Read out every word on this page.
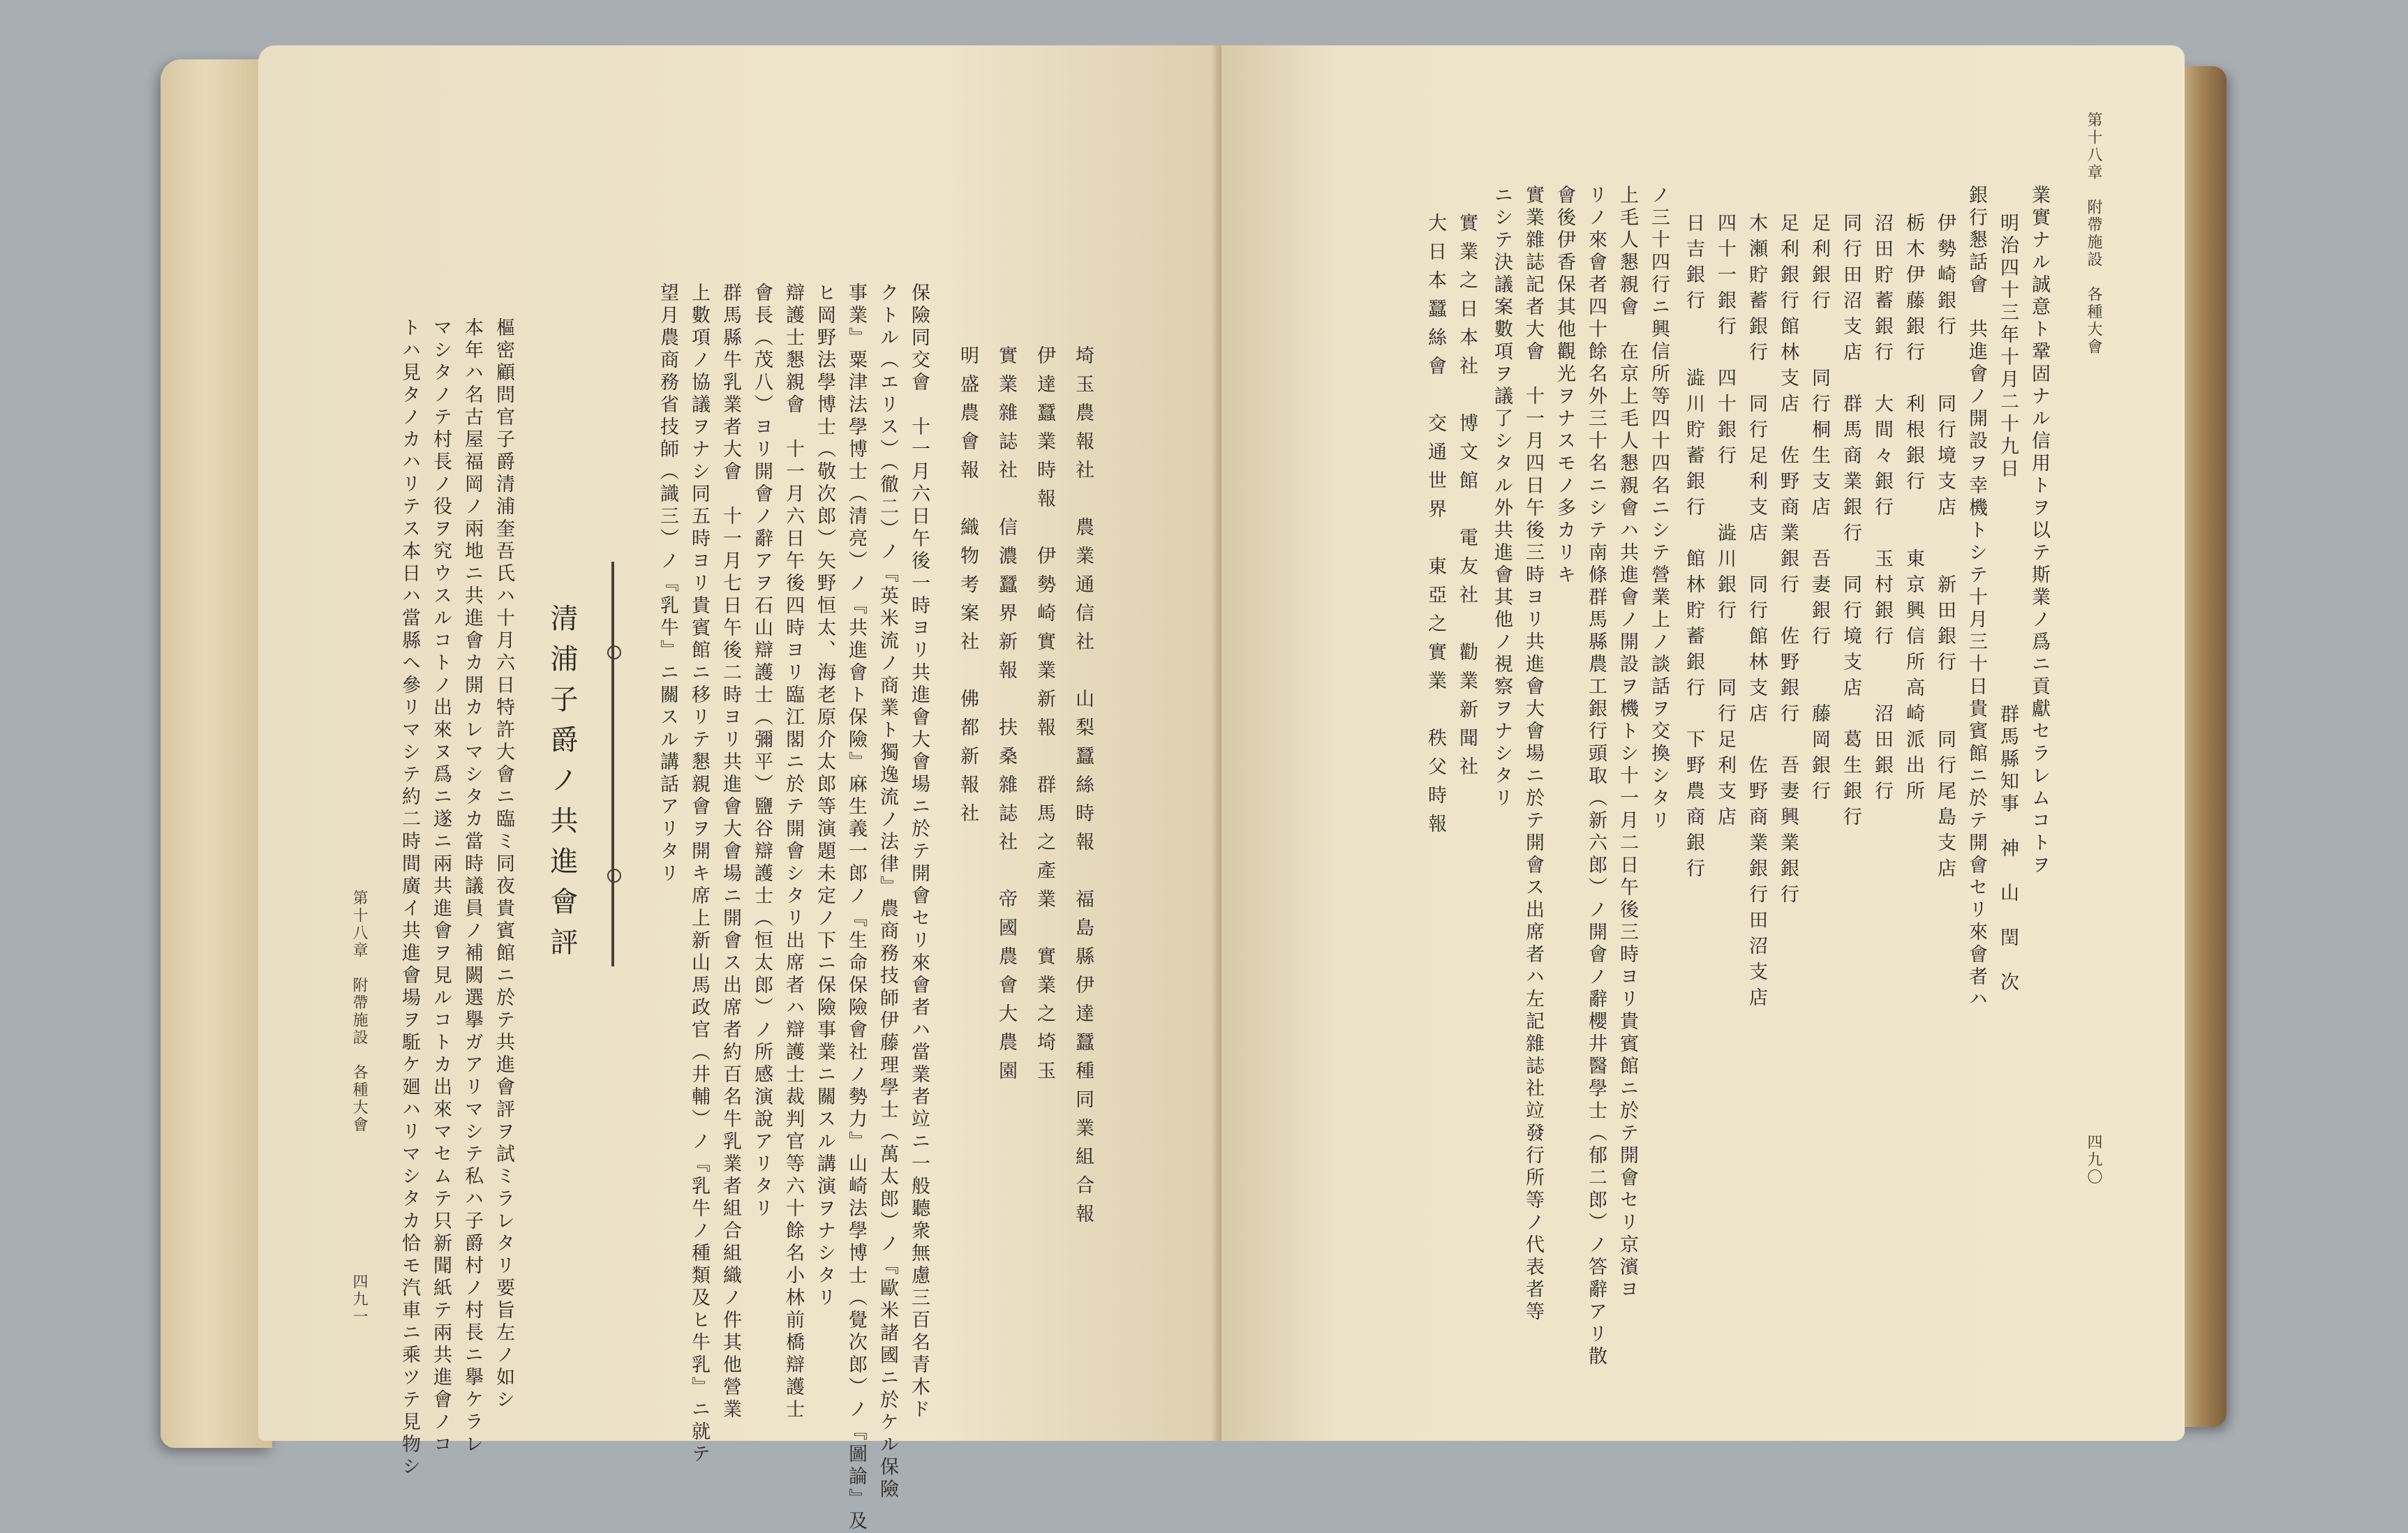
第十八章　附帶施設　各種大會
四九一 トハ見タノカハリテス本日ハ當縣ヘ參リマシテ約二時間廣イ共進會場ヲ駈ケ廻ハリマシタカ恰モ汽車ニ乘ツテ見物シ マシタノテ村長ノ役ヲ究ウスルコトノ出來ヌ爲ニ遂ニ兩共進會ヲ見ルコトカ出來マセムテ只新聞紙テ兩共進會ノコ 本年ハ名古屋福岡ノ兩地ニ共進會カ開カレマシタカ當時議員ノ補闕選擧ガアリマシテ私ハ子爵村ノ村長ニ擧ケラレ 樞密顧問官子爵清浦奎吾氏ハ十月六日特許大會ニ臨ミ同夜貴賓館ニ於テ共進會評ヲ試ミラレタリ要旨左ノ如シ 清浦子爵ノ共進會評	望月農商務省技師（識三）ノ『乳牛』ニ關スル講話アリタリ 上數項ノ協議ヲナシ同五時ヨリ貴賓館ニ移リテ懇親會ヲ開キ席上新山馬政官（井輔）ノ『乳牛ノ種類及ヒ牛乳』ニ就テ 群馬縣牛乳業者大會　十一月七日午後二時ヨリ共進會大會場ニ開會ス出席者約百名牛乳業者組合組織ノ件其他營業 會長（茂八）ヨリ開會ノ辭アヲ石山辯護士（彌平）鹽谷辯護士（恒太郎）ノ所感演說アリタリ 辯護士懇親會　十一月六日午後四時ヨリ臨江閣ニ於テ開會シタリ出席者ハ辯護士裁判官等六十餘名小林前橋辯護士 ヒ岡野法學博士（敬次郎）矢野恒太、海老原介太郎等演題未定ノ下ニ保險事業ニ關スル講演ヲナシタリ 事業』粟津法學博士（清亮）ノ『共進會ト保險』麻生義一郎ノ『生命保險會社ノ勢力』山崎法學博士（覺次郎）ノ『圖論』及 クトル（エリス）（徹二）ノ『英米流ノ商業ト獨逸流ノ法律』農商務技師伊藤理學士（萬太郎）ノ『歐米諸國ニ於ケル保險 保險同交會　十一月六日午後一時ヨリ共進會大會場ニ於テ開會セリ來會者ハ當業者竝ニ一般聽衆無慮三百名青木ド 明盛農會報　織物考案社　佛都新報社 實業雜誌社　信濃蠶界新報　扶桑雜誌社　帝國農會大農園 伊達蠶業時報　伊勢崎實業新報　群馬之產業　實業之埼玉 埼玉農報社　農業通信社　山梨蠶絲時報　福島縣伊達蠶種同業組合報
第十八章　附帶施設　各種大會
四九〇
業實ナル誠意ト鞏固ナル信用トヲ以テ斯業ノ爲ニ貢獻セラレムコトヲ
明治四十三年十月二十九日　　　　　　　　　　群馬縣知事　神　山　閏　次
銀行懇話會　共進會ノ開設ヲ幸機トシテ十月三十日貴賓館ニ於テ開會セリ來會者ハ
伊勢崎銀行　　同行境支店　　新田銀行　　同行尾島支店
栃木伊藤銀行　利根銀行　　東京興信所高崎派出所
沼田貯蓄銀行　大間々銀行　玉村銀行　　沼田銀行
同行田沼支店　群馬商業銀行　同行境支店　葛生銀行
足利銀行　　同行桐生支店　吾妻銀行　　藤岡銀行
足利銀行館林支店　佐野商業銀行　佐野銀行　吾妻興業銀行
木瀬貯蓄銀行　同行足利支店　同行館林支店　佐野商業銀行田沼支店
四十一銀行　四十銀行　　澁川銀行　　同行足利支店
日吉銀行　　澁川貯蓄銀行　館林貯蓄銀行　下野農商銀行
ノ三十四行ニ興信所等四十四名ニシテ營業上ノ談話ヲ交換シタリ
上毛人懇親會　在京上毛人懇親會ハ共進會ノ開設ヲ機トシ十一月二日午後三時ヨリ貴賓館ニ於テ開會セリ京濱ヨ
リノ來會者四十餘名外三十名ニシテ南條群馬縣農工銀行頭取（新六郎）ノ開會ノ辭櫻井醫學士（郁二郎）ノ答辭アリ散
會後伊香保其他觀光ヲナスモノ多カリキ
實業雜誌記者大會　十一月四日午後三時ヨリ共進會大會場ニ於テ開會ス出席者ハ左記雜誌社竝發行所等ノ代表者等
ニシテ決議案數項ヲ議了シタル外共進會其他ノ視察ヲナシタリ
實業之日本社　博文館　電友社　勸業新聞社
大日本蠶絲會　交通世界　東亞之實業　秩父時報
